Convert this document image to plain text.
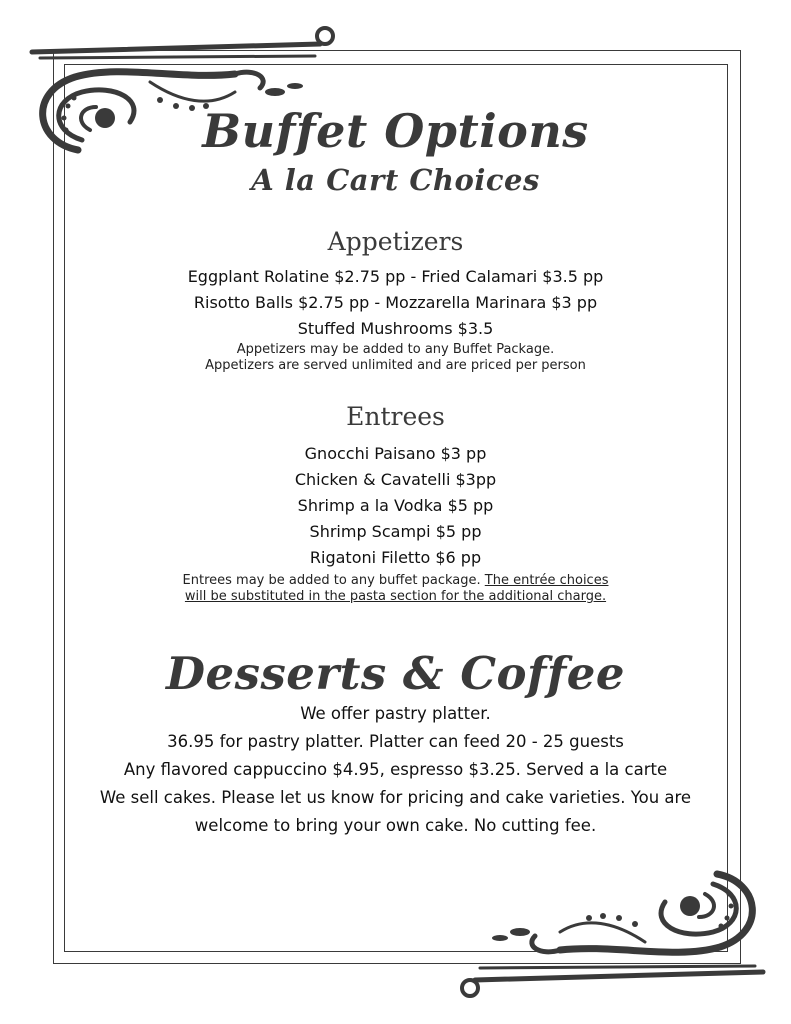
Buffet Options
A la Cart Choices
Appetizers

Eggplant Rolatine $2.75 pp - Fried Calamari $3.5 pp

Risotto Balls $2.75 pp - Mozzarella Marinara $3 pp

Stuffed Mushrooms $3.5

Appetizers may be added to any Buffet Package.

Appetizers are served unlimited and are priced per person

Entrees

Gnocchi Paisano $3 pp

Chicken & Cavatelli $3pp

Shrimp a la Vodka $5 pp

Shrimp Scampi $5 pp

Rigatoni Filetto $6 pp

Entrees may be added to any buffet package. The entrée choices

will be substituted in the pasta section for the additional charge.

Desserts & Coffee

We offer pastry platter.

36.95 for pastry platter. Platter can feed 20 - 25 guests

Any flavored cappuccino $4.95, espresso $3.25. Served a la carte

We sell cakes. Please let us know for pricing and cake varieties. You are

welcome to bring your own cake. No cutting fee.
